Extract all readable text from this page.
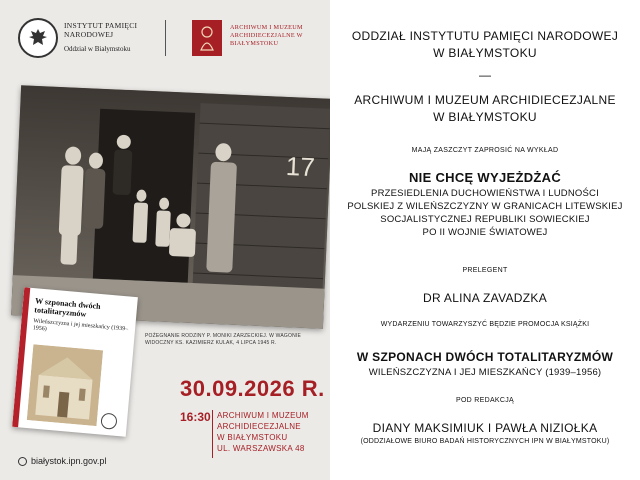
INSTYTUT PAMIĘCI NARODOWEJ
Oddział w Białymstoku
ARCHIWUM I MUZEUM ARCHIDIECEZJALNE W BIAŁYMSTOKU
17
POŻEGNANIE RODZINY P. MONIKI ZARZECKIEJ. W WAGONIE WIDOCZNY KS. KAZIMIERZ KULAK, 4 LIPCA 1945 R.
W szponach dwóch totalitaryzmów
Wileńszczyzna i jej mieszkańcy (1939–1956)
30.09.2026 R.
16:30 ARCHIWUM I MUZEUM
ARCHIDIECEZJALNE
W BIAŁYMSTOKU
UL. WARSZAWSKA 48
białystok.ipn.gov.pl
ODDZIAŁ INSTYTUTU PAMIĘCI NARODOWEJ
W BIAŁYMSTOKU
—
ARCHIWUM I MUZEUM ARCHIDIECEZJALNE
W BIAŁYMSTOKU
MAJĄ ZASZCZYT ZAPROSIĆ NA WYKŁAD
NIE CHCĘ WYJEŻDŻAĆ
PRZESIEDLENIA DUCHOWIEŃSTWA I LUDNOŚCI
POLSKIEJ Z WILEŃSZCZYZNY W GRANICACH LITEWSKIEJ
SOCJALISTYCZNEJ REPUBLIKI SOWIECKIEJ
PO II WOJNIE ŚWIATOWEJ
PRELEGENT
DR ALINA ZAVADZKA
WYDARZENIU TOWARZYSZYĆ BĘDZIE PROMOCJA KSIĄŻKI
W SZPONACH DWÓCH TOTALITARYZMÓW
WILEŃSZCZYZNA I JEJ MIESZKAŃCY (1939–1956)
POD REDAKCJĄ
DIANY MAKSIMIUK I PAWŁA NIZIOŁKA
(ODDZIAŁOWE BIURO BADAŃ HISTORYCZNYCH IPN W BIAŁYMSTOKU)
